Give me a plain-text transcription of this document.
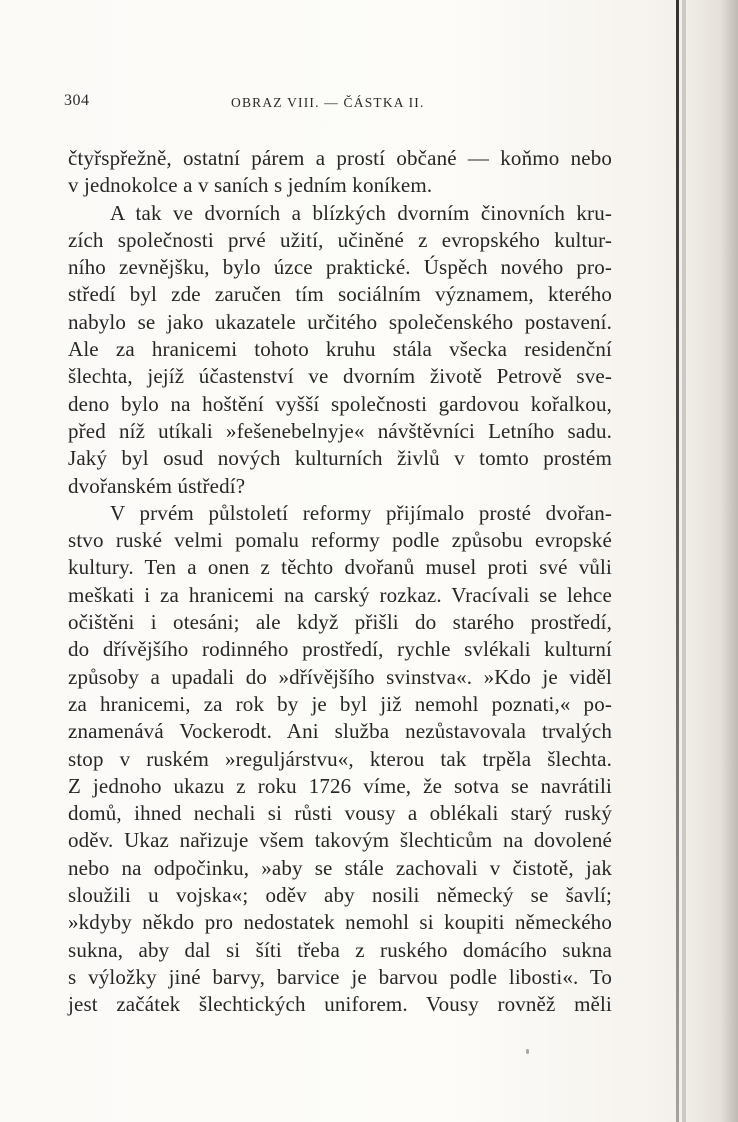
304	OBRAZ VIII. — ČÁSTKA II.
čtyřspřežně, ostatní párem a prostí občané — koňmo nebo
v jednokolce a v saních s jedním koníkem.
A tak ve dvorních a blízkých dvorním činovních kru-
zích společnosti prvé užití, učiněné z evropského kultur-
ního zevnějšku, bylo úzce praktické. Úspěch nového pro-
středí byl zde zaručen tím sociálním významem, kterého
nabylo se jako ukazatele určitého společenského postavení.
Ale za hranicemi tohoto kruhu stála všecka residenční
šlechta, jejíž účastenství ve dvorním životě Petrově sve-
deno bylo na hoštění vyšší společnosti gardovou kořalkou,
před níž utíkali »fešenebelnyje« návštěvníci Letního sadu.
Jaký byl osud nových kulturních živlů v tomto prostém
dvořanském ústředí?
V prvém půlstoletí reformy přijímalo prosté dvořan-
stvo ruské velmi pomalu reformy podle způsobu evropské
kultury. Ten a onen z těchto dvořanů musel proti své vůli
meškati i za hranicemi na carský rozkaz. Vracívali se lehce
očištěni i otesáni; ale když přišli do starého prostředí,
do dřívějšího rodinného prostředí, rychle svlékali kulturní
způsoby a upadali do »dřívějšího svinstva«. »Kdo je viděl
za hranicemi, za rok by je byl již nemohl poznati,« po-
znamenává Vockerodt. Ani služba nezůstavovala trvalých
stop v ruském »reguljárstvu«, kterou tak trpěla šlechta.
Z jednoho ukazu z roku 1726 víme, že sotva se navrátili
domů, ihned nechali si růsti vousy a oblékali starý ruský
oděv. Ukaz nařizuje všem takovým šlechticům na dovolené
nebo na odpočinku, »aby se stále zachovali v čistotě, jak
sloužili u vojska«; oděv aby nosili německý se šavlí;
»kdyby někdo pro nedostatek nemohl si koupiti německého
sukna, aby dal si šíti třeba z ruského domácího sukna
s výložky jiné barvy, barvice je barvou podle libosti«. To
jest začátek šlechtických uniforem. Vousy rovněž měli
